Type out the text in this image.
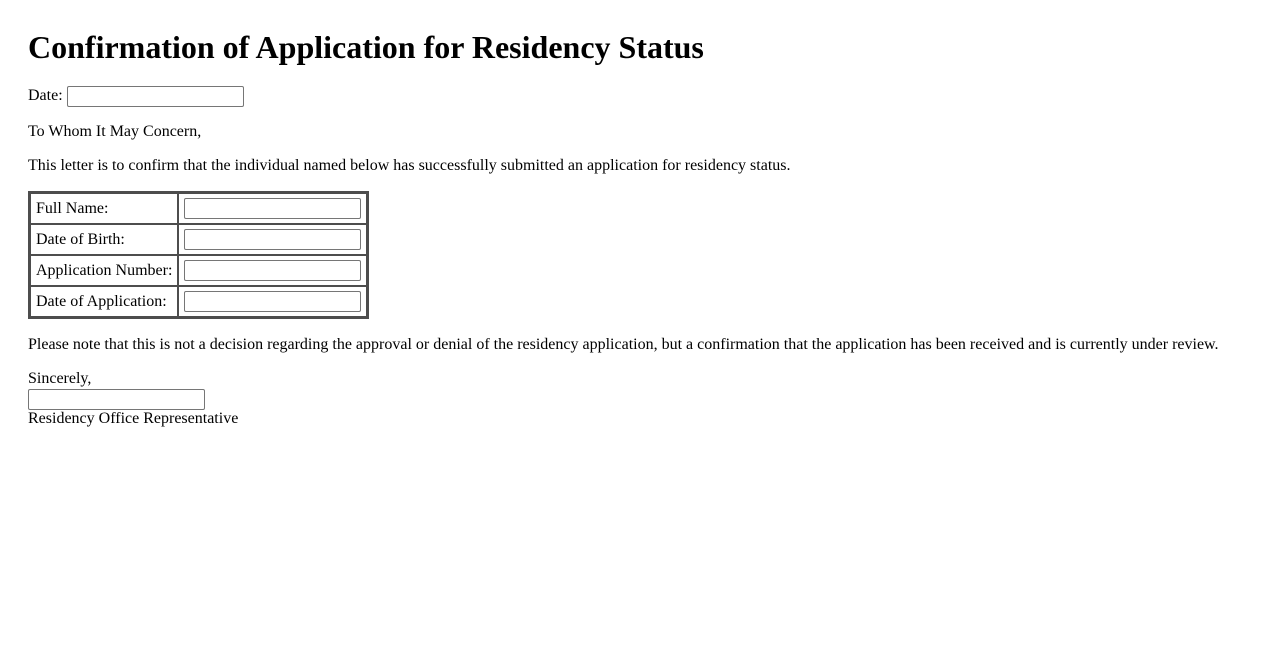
Confirmation of Application for Residency Status
Date:

To Whom It May Concern,

This letter is to confirm that the individual named below has successfully submitted an application for residency status.

Full Name:	
Date of Birth:	
Application Number:	
Date of Application:	

Please note that this is not a decision regarding the approval or denial of the residency application, but a confirmation that the application has been received and is currently under review.

Sincerely,
Residency Office Representative
